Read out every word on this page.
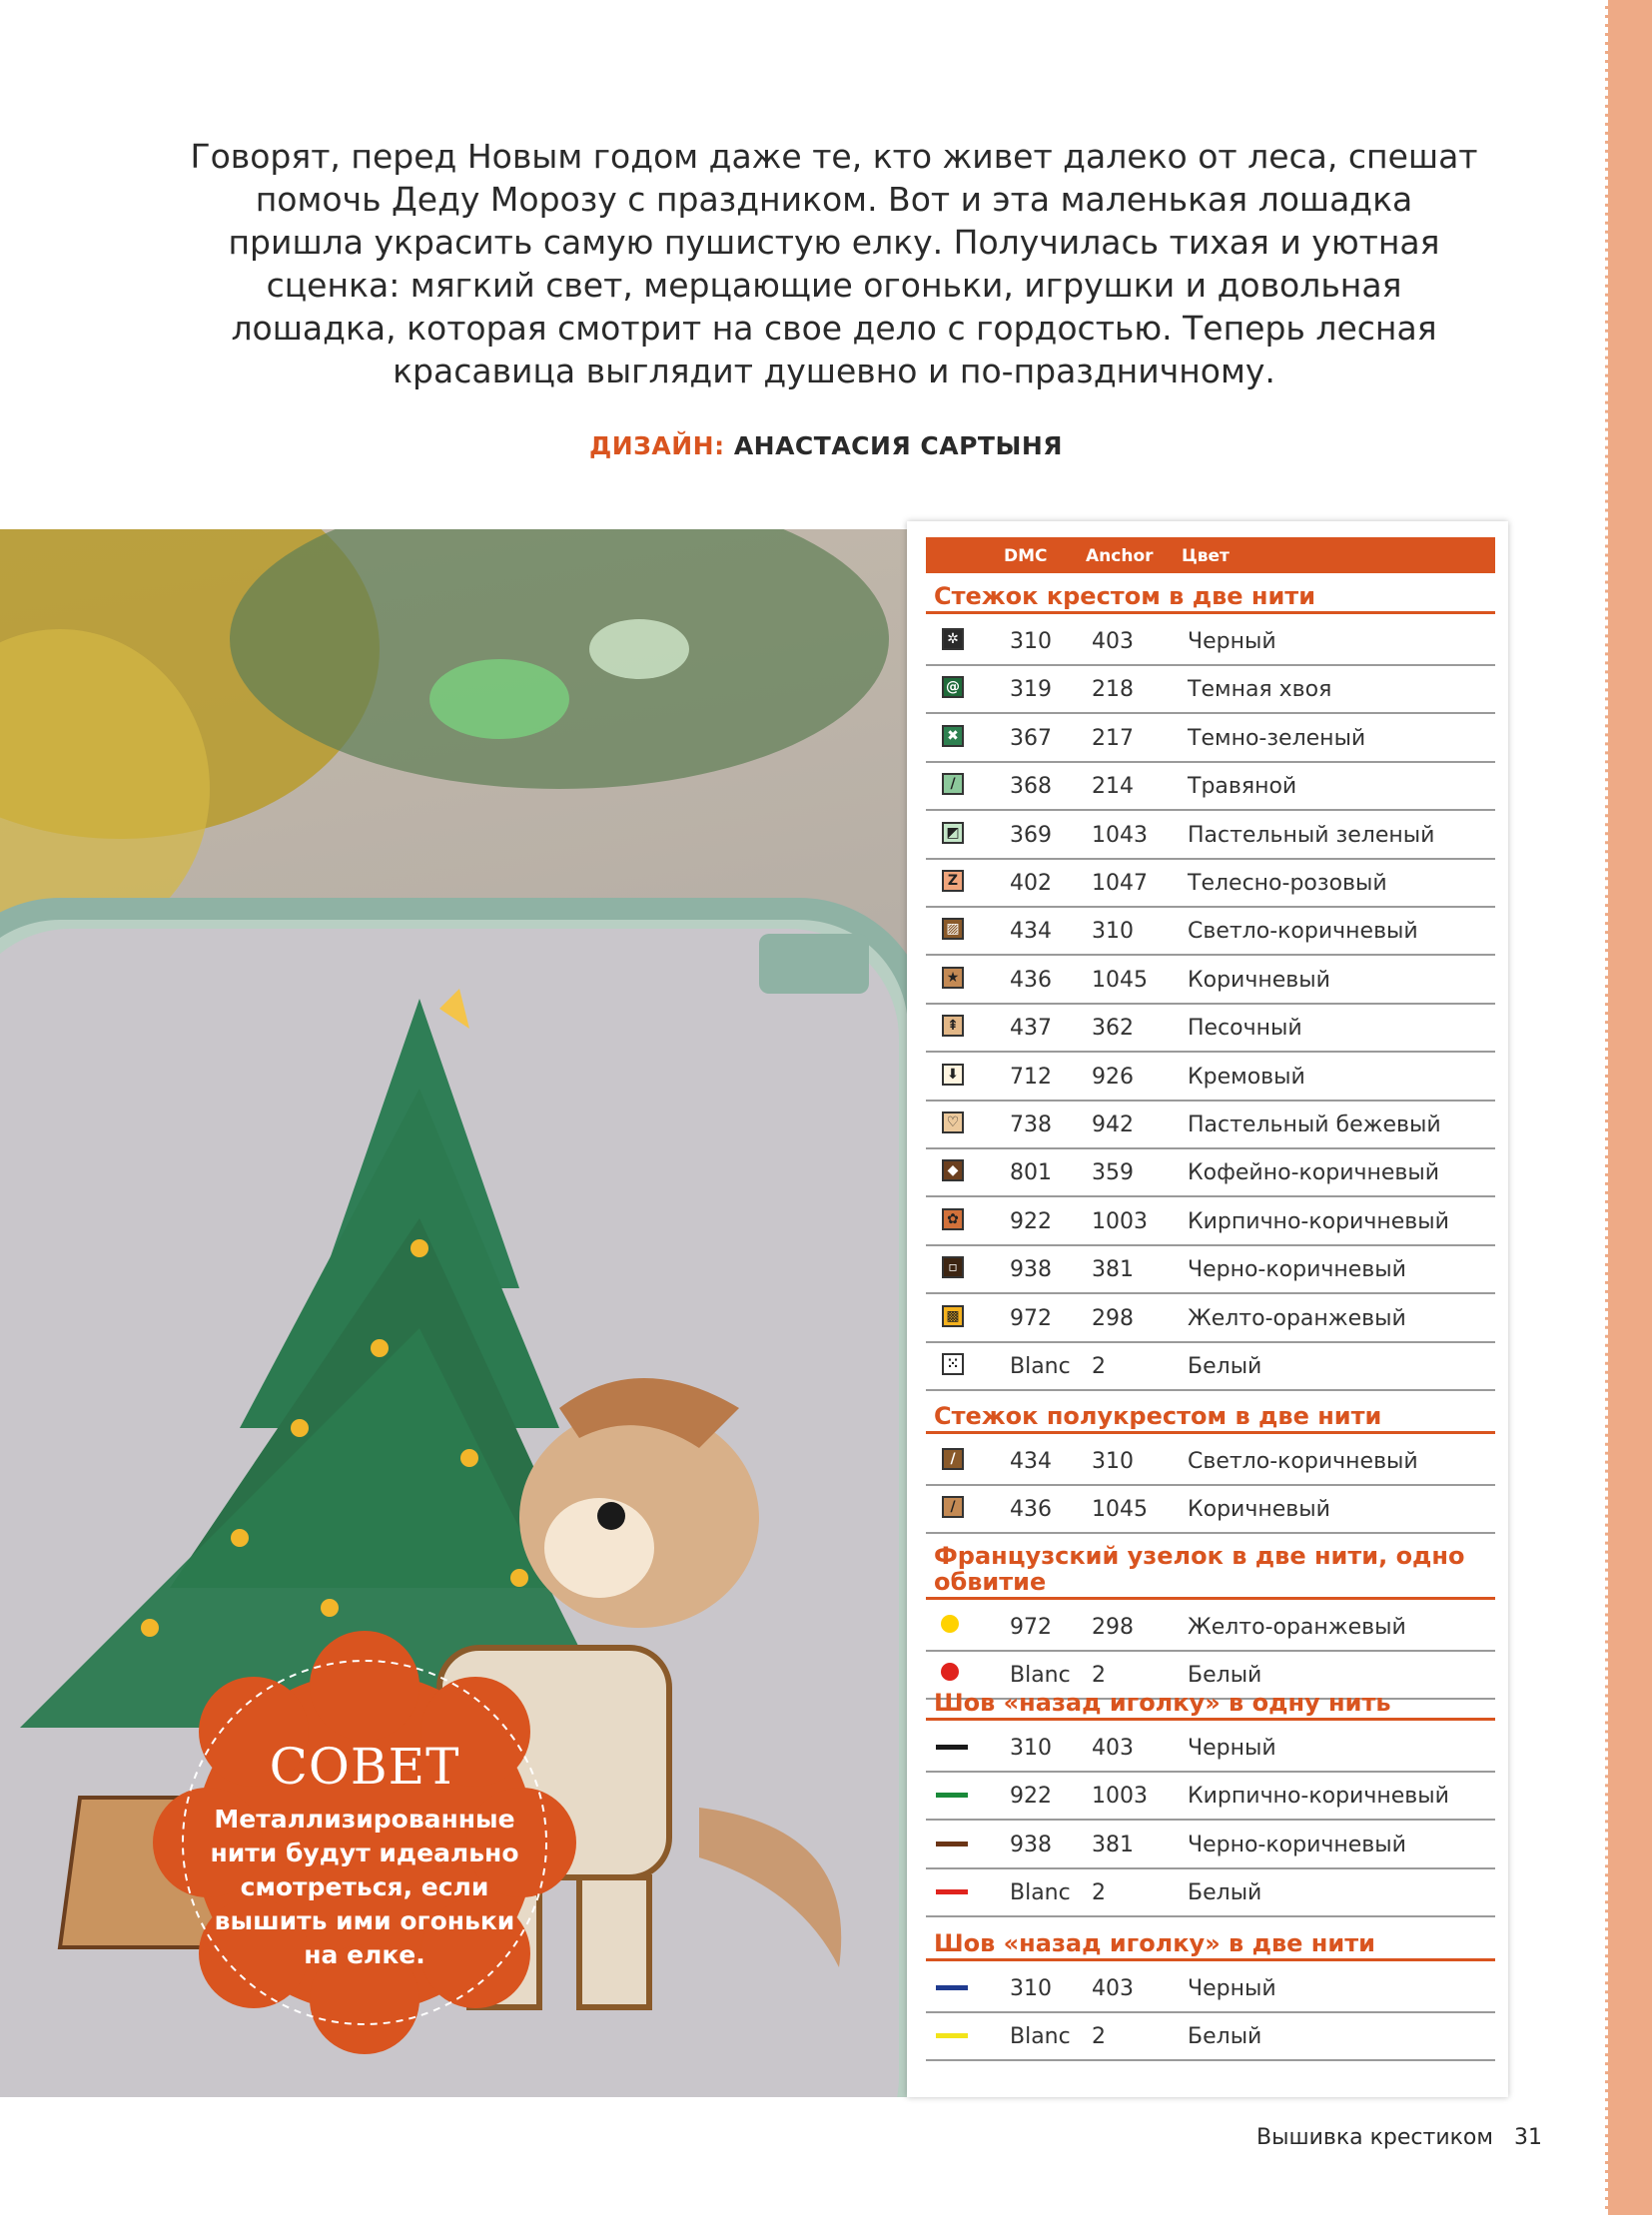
Говорят, перед Новым годом даже те, кто живет далеко от леса, спешат помочь Деду Морозу с праздником. Вот и эта маленькая лошадка пришла украсить самую пушистую елку. Получилась тихая и уютная сценка: мягкий свет, мерцающие огоньки, игрушки и довольная лошадка, которая смотрит на свое дело с гордостью. Теперь лесная красавица выглядит душевно и по-праздничному.

ДИЗАЙН: АНАСТАСИЯ САРТЫНЯ
СОВЕТ
Металлизированные нити будут идеально смотреться, если вышить ими огоньки на елке.
DMC Anchor Цвет
Стежок крестом в две нити
✲ 310 403 Черный
@ 319 218 Темная хвоя
✖ 367 217 Темно-зеленый
/	368 214 Травяной
◩ 369 1043 Пастельный зеленый
Z 402 1047 Телесно-розовый
▨ 434 310 Светло-коричневый
★ 436 1045 Коричневый
⇞ 437 362 Песочный
⬇ 712 926 Кремовый
♡ 738 942 Пастельный бежевый
◆ 801 359 Кофейно-коричневый
✿ 922 1003 Кирпично-коричневый
▫ 938 381 Черно-коричневый
▩ 972 298 Желто-оранжевый
⁙ Blanc 2	Белый
Стежок полукрестом в две нити
/	434 310 Светло-коричневый
/	436 1045 Коричневый
Французский узелок в две нити, одно обвитие
972 298 Желто-оранжевый
Blanc 2	Белый
Шов «назад иголку» в одну нить
310 403 Черный
922 1003 Кирпично-коричневый
938 381 Черно-коричневый
Blanc 2	Белый
Шов «назад иголку» в две нити
310 403 Черный
Blanc 2	Белый
Вышивка крестиком 31
